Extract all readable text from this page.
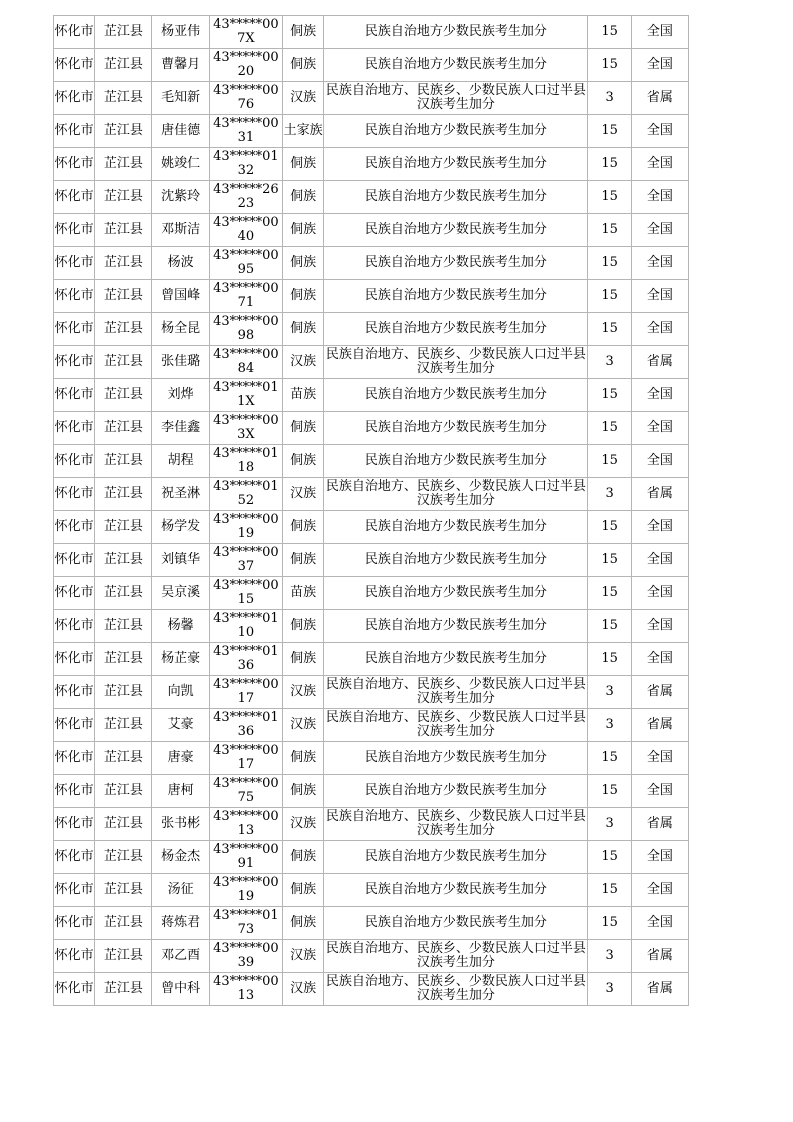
怀化市	芷江县	杨亚伟	43*****007X	侗族	民族自治地方少数民族考生加分	15	全国
怀化市	芷江县	曹馨月	43*****0020	侗族	民族自治地方少数民族考生加分	15	全国
怀化市	芷江县	毛知新	43*****0076	汉族	民族自治地方、民族乡、少数民族人口过半县汉族考生加分	3	省属
怀化市	芷江县	唐佳德	43*****0031	土家族	民族自治地方少数民族考生加分	15	全国
怀化市	芷江县	姚竣仁	43*****0132	侗族	民族自治地方少数民族考生加分	15	全国
怀化市	芷江县	沈紫玲	43*****2623	侗族	民族自治地方少数民族考生加分	15	全国
怀化市	芷江县	邓斯洁	43*****0040	侗族	民族自治地方少数民族考生加分	15	全国
怀化市	芷江县	杨波	43*****0095	侗族	民族自治地方少数民族考生加分	15	全国
怀化市	芷江县	曾国峰	43*****0071	侗族	民族自治地方少数民族考生加分	15	全国
怀化市	芷江县	杨全昆	43*****0098	侗族	民族自治地方少数民族考生加分	15	全国
怀化市	芷江县	张佳璐	43*****0084	汉族	民族自治地方、民族乡、少数民族人口过半县汉族考生加分	3	省属
怀化市	芷江县	刘烨	43*****011X	苗族	民族自治地方少数民族考生加分	15	全国
怀化市	芷江县	李佳鑫	43*****003X	侗族	民族自治地方少数民族考生加分	15	全国
怀化市	芷江县	胡程	43*****0118	侗族	民族自治地方少数民族考生加分	15	全国
怀化市	芷江县	祝圣淋	43*****0152	汉族	民族自治地方、民族乡、少数民族人口过半县汉族考生加分	3	省属
怀化市	芷江县	杨学发	43*****0019	侗族	民族自治地方少数民族考生加分	15	全国
怀化市	芷江县	刘镇华	43*****0037	侗族	民族自治地方少数民族考生加分	15	全国
怀化市	芷江县	吴京溪	43*****0015	苗族	民族自治地方少数民族考生加分	15	全国
怀化市	芷江县	杨馨	43*****0110	侗族	民族自治地方少数民族考生加分	15	全国
怀化市	芷江县	杨芷豪	43*****0136	侗族	民族自治地方少数民族考生加分	15	全国
怀化市	芷江县	向凯	43*****0017	汉族	民族自治地方、民族乡、少数民族人口过半县汉族考生加分	3	省属
怀化市	芷江县	艾豪	43*****0136	汉族	民族自治地方、民族乡、少数民族人口过半县汉族考生加分	3	省属
怀化市	芷江县	唐豪	43*****0017	侗族	民族自治地方少数民族考生加分	15	全国
怀化市	芷江县	唐柯	43*****0075	侗族	民族自治地方少数民族考生加分	15	全国
怀化市	芷江县	张书彬	43*****0013	汉族	民族自治地方、民族乡、少数民族人口过半县汉族考生加分	3	省属
怀化市	芷江县	杨金杰	43*****0091	侗族	民族自治地方少数民族考生加分	15	全国
怀化市	芷江县	汤征	43*****0019	侗族	民族自治地方少数民族考生加分	15	全国
怀化市	芷江县	蒋炼君	43*****0173	侗族	民族自治地方少数民族考生加分	15	全国
怀化市	芷江县	邓乙酉	43*****0039	汉族	民族自治地方、民族乡、少数民族人口过半县汉族考生加分	3	省属
怀化市	芷江县	曾中科	43*****0013	汉族	民族自治地方、民族乡、少数民族人口过半县汉族考生加分	3	省属
